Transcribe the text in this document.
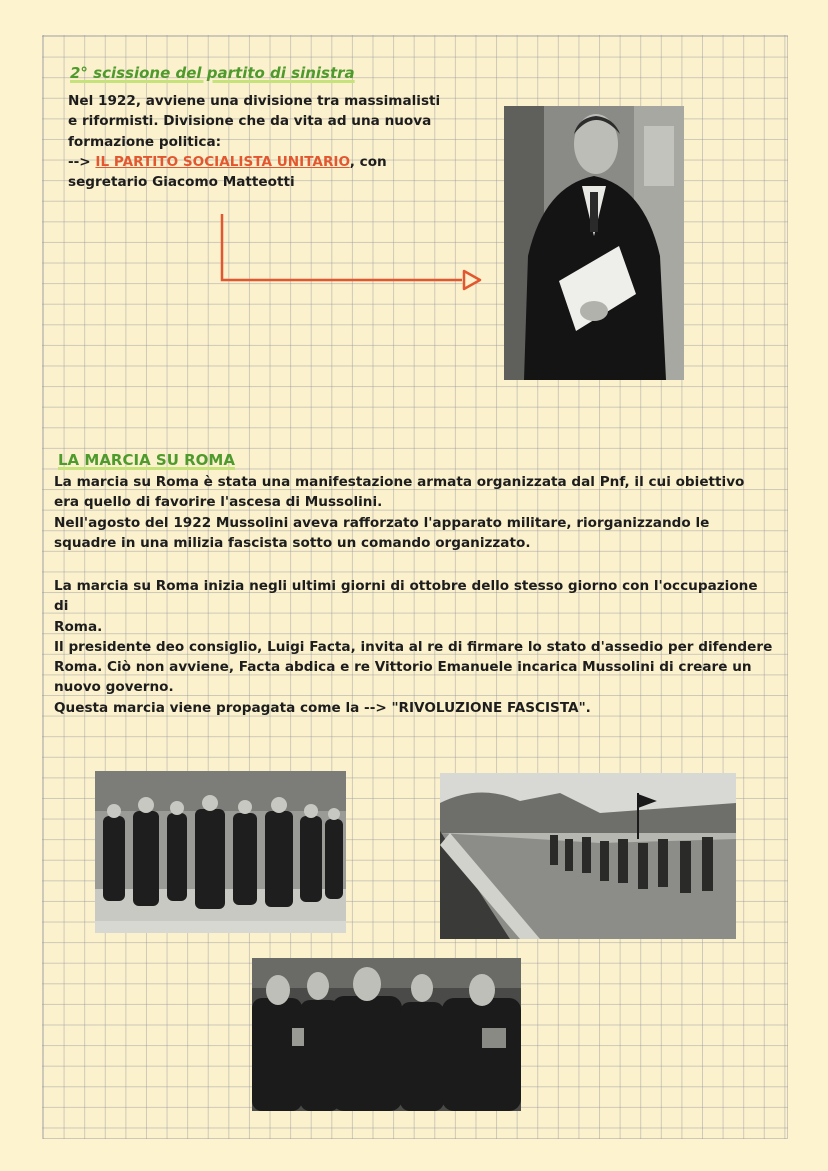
2° scissione del partito di sinistra
Nel 1922, avviene una divisione tra massimalisti
e riformisti. Divisione che da vita ad una nuova
formazione politica:
--> IL PARTITO SOCIALISTA UNITARIO, con
segretario Giacomo Matteotti
LA MARCIA SU ROMA
La marcia su Roma è stata una manifestazione armata organizzata dal Pnf, il cui obiettivo
era quello di favorire l'ascesa di Mussolini.
Nell'agosto del 1922 Mussolini aveva rafforzato l'apparato militare, riorganizzando le
squadre in una milizia fascista sotto un comando organizzato.
La marcia su Roma inizia negli ultimi giorni di ottobre dello stesso giorno con l'occupazione di
Roma.
Il presidente deo consiglio, Luigi Facta, invita al re di firmare lo stato d'assedio per difendere
Roma. Ciò non avviene, Facta abdica e re Vittorio Emanuele incarica Mussolini di creare un
nuovo governo.
Questa marcia viene propagata come la --> "RIVOLUZIONE FASCISTA".
